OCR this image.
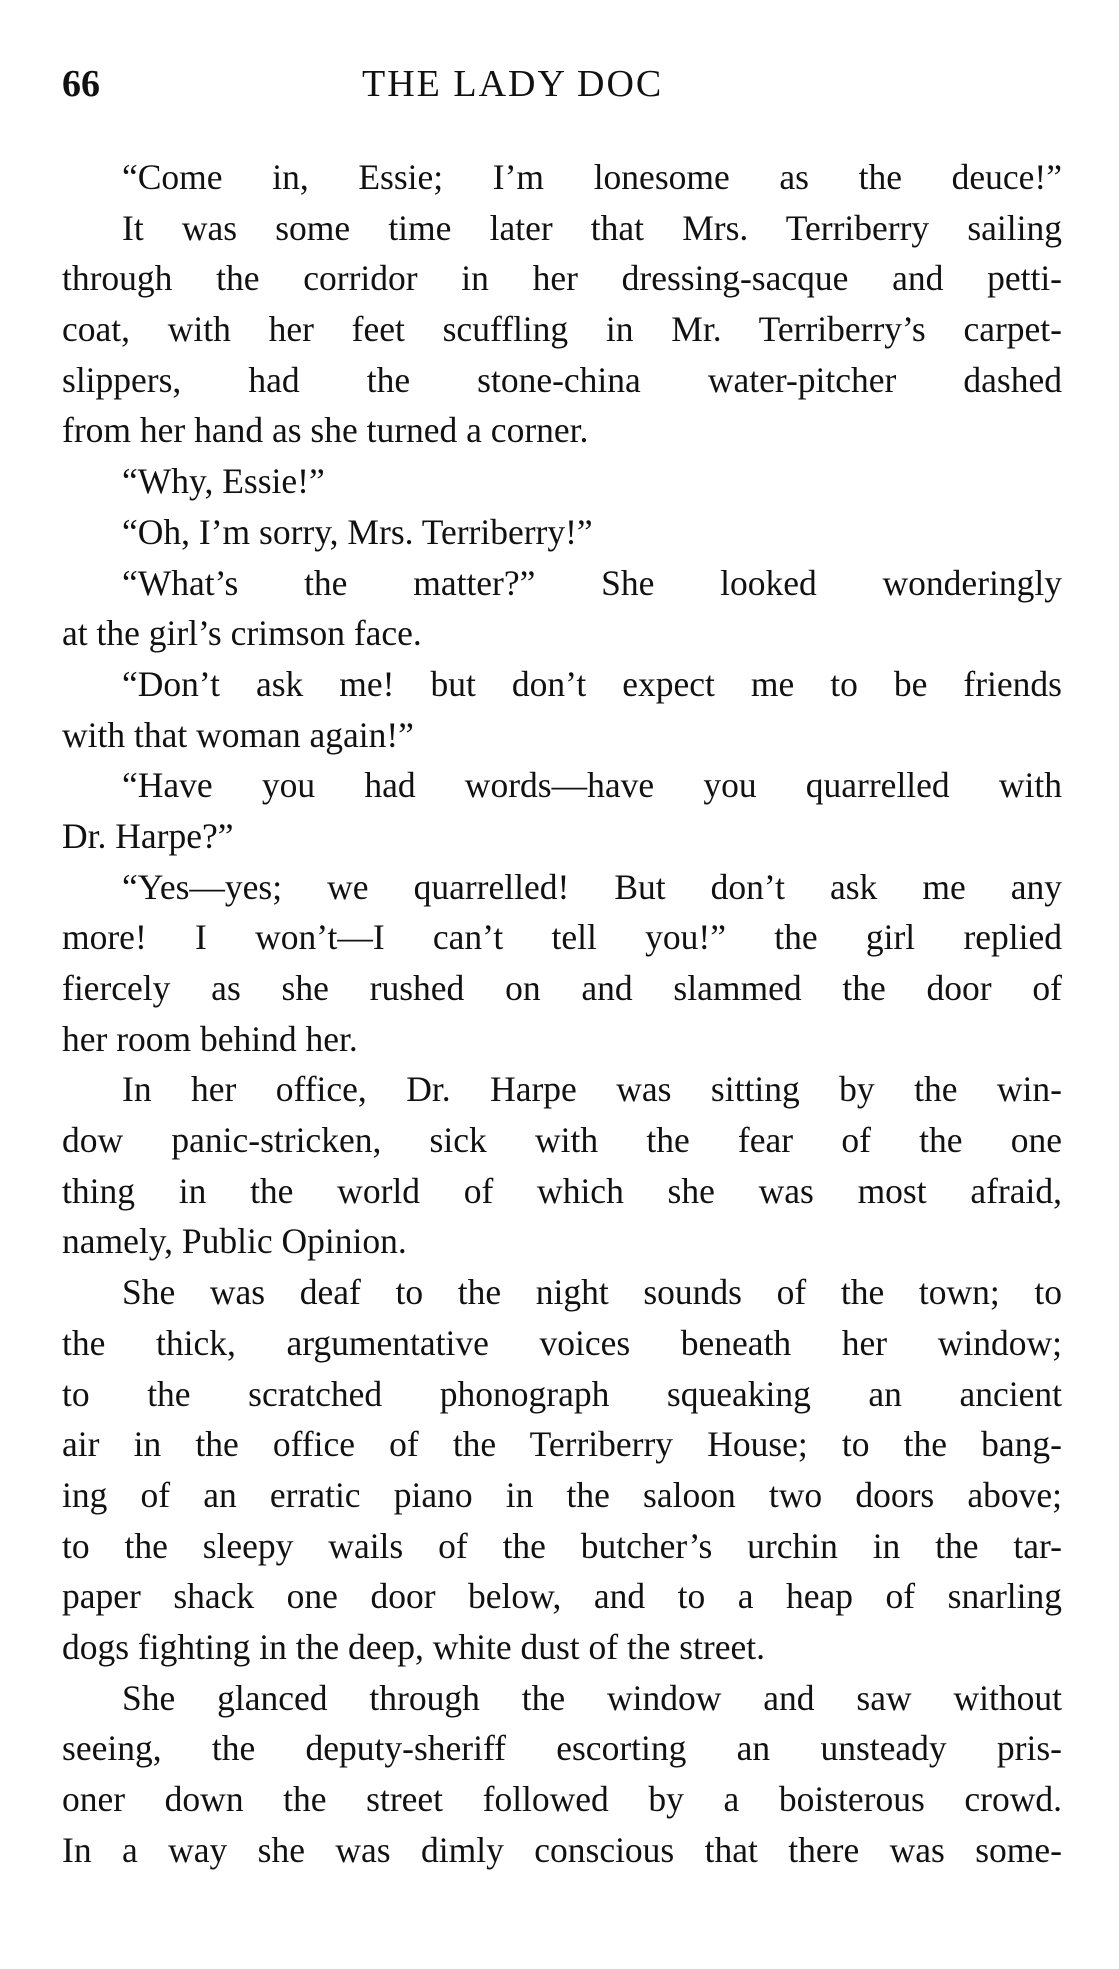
66	THE LADY DOC
“Come in, Essie; I’m lonesome as the deuce!”
It was some time later that Mrs. Terriberry sailing
through the corridor in her dressing-sacque and petti-
coat, with her feet scuffling in Mr. Terriberry’s carpet-
slippers, had the stone-china water-pitcher dashed
from her hand as she turned a corner.
“Why, Essie!”
“Oh, I’m sorry, Mrs. Terriberry!”
“What’s the matter?” She looked wonderingly
at the girl’s crimson face.
“Don’t ask me! but don’t expect me to be friends
with that woman again!”
“Have you had words—have you quarrelled with
Dr. Harpe?”
“Yes—yes; we quarrelled! But don’t ask me any
more! I won’t—I can’t tell you!” the girl replied
fiercely as she rushed on and slammed the door of
her room behind her.
In her office, Dr. Harpe was sitting by the win-
dow panic-stricken, sick with the fear of the one
thing in the world of which she was most afraid,
namely, Public Opinion.
She was deaf to the night sounds of the town; to
the thick, argumentative voices beneath her window;
to the scratched phonograph squeaking an ancient
air in the office of the Terriberry House; to the bang-
ing of an erratic piano in the saloon two doors above;
to the sleepy wails of the butcher’s urchin in the tar-
paper shack one door below, and to a heap of snarling
dogs fighting in the deep, white dust of the street.
She glanced through the window and saw without
seeing, the deputy-sheriff escorting an unsteady pris-
oner down the street followed by a boisterous crowd.
In a way she was dimly conscious that there was some-
